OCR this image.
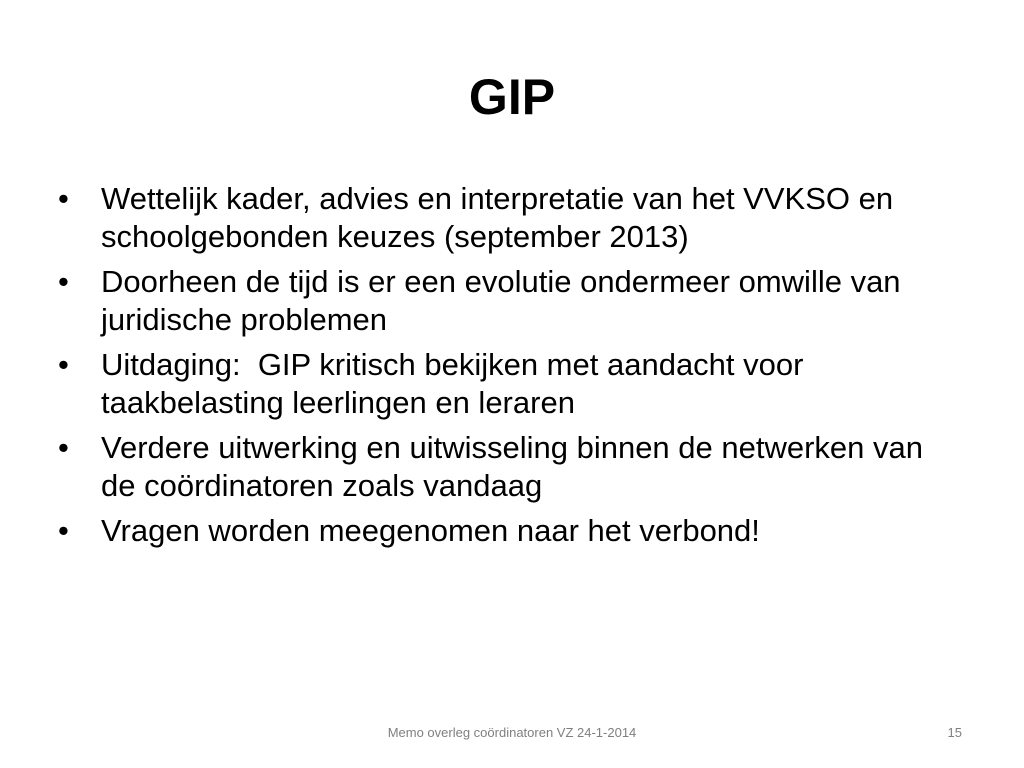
GIP
• Wettelijk kader, advies en interpretatie van het VVKSO en schoolgebonden keuzes (september 2013)
• Doorheen de tijd is er een evolutie ondermeer omwille van juridische problemen
• Uitdaging:  GIP kritisch bekijken met aandacht voor taakbelasting leerlingen en leraren
• Verdere uitwerking en uitwisseling binnen de netwerken van de coördinatoren zoals vandaag
• Vragen worden meegenomen naar het verbond!
Memo overleg coördinatoren VZ 24-1-2014	15
